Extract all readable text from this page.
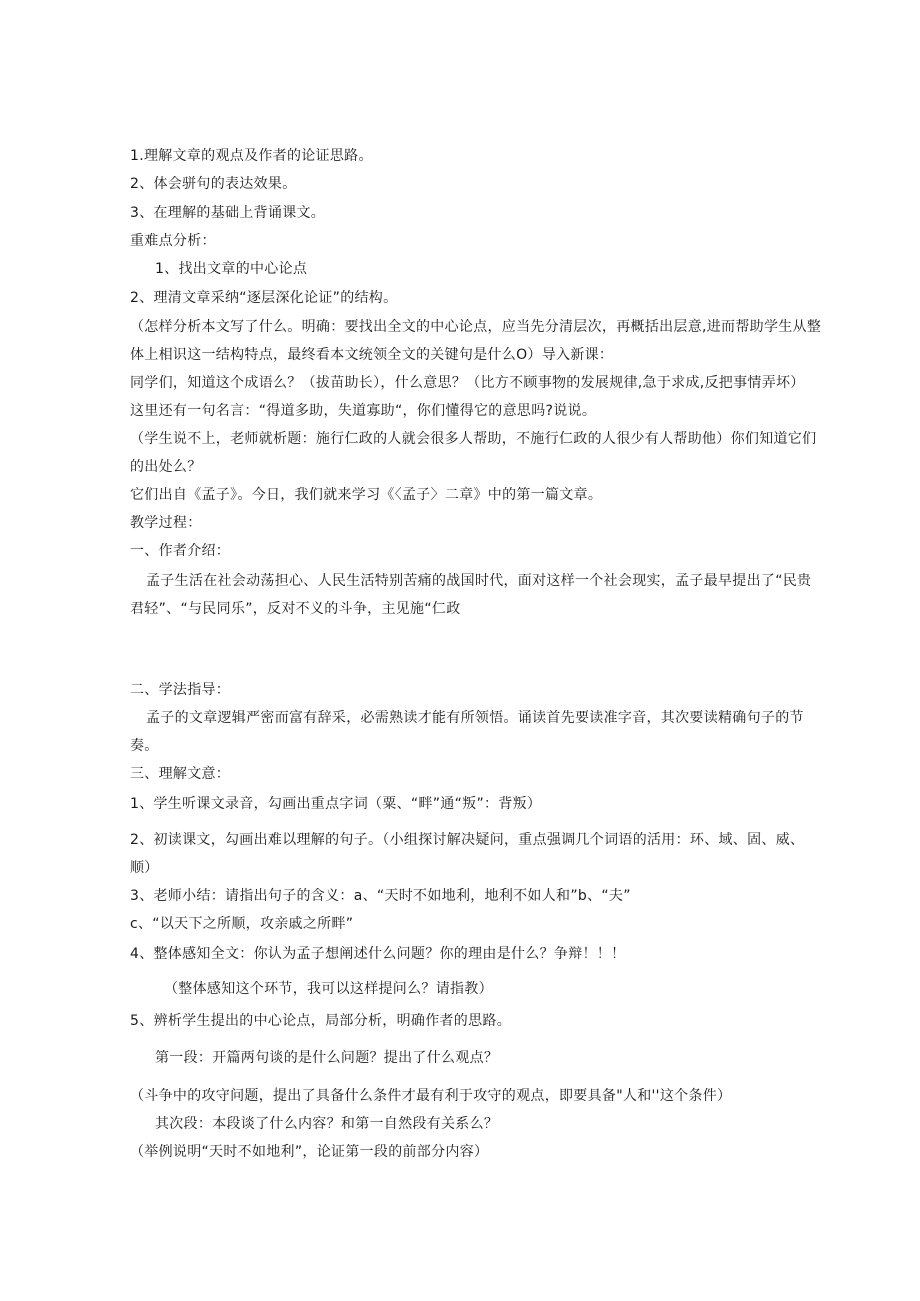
1.理解文章的观点及作者的论证思路。
2、体会骈句的表达效果。
3、在理解的基础上背诵课文。
重难点分析：
1、找出文章的中心论点
2、理清文章采纳“逐层深化论证”的结构。
（怎样分析本文写了什么。明确：要找出全文的中心论点，应当先分清层次，再概括出层意,进而帮助学生从整
体上相识这一结构特点，最终看本文统领全文的关键句是什么O）导入新课：
同学们，知道这个成语么？（拔苗助长），什么意思？（比方不顾事物的发展规律,急于求成,反把事情弄坏）
这里还有一句名言：“得道多助，失道寡助“，你们懂得它的意思吗?说说。
（学生说不上，老师就析题：施行仁政的人就会很多人帮助，不施行仁政的人很少有人帮助他）你们知道它们
的出处么？
它们出自《孟子》。今日，我们就来学习《〈孟子〉二章》中的第一篇文章。
教学过程：
一、作者介绍：
孟子生活在社会动荡担心、人民生活特别苦痛的战国时代，面对这样一个社会现实，孟子最早提出了“民贵
君轻”、“与民同乐”，反对不义的斗争，主见施“仁政
二、学法指导：
孟子的文章逻辑严密而富有辞采，必需熟读才能有所领悟。诵读首先要读准字音，其次要读精确句子的节
奏。
三、理解文意：
1、学生听课文录音，勾画出重点字词（粟、“畔”通“叛”：背叛）
2、初读课文，勾画出难以理解的句子。（小组探讨解决疑问，重点强调几个词语的活用：环、域、固、威、
顺）
3、老师小结：请指出句子的含义：a、“天时不如地利，地利不如人和”b、“夫”
c、“以天下之所顺，攻亲戚之所畔”
4、整体感知全文：你认为孟子想阐述什么问题？你的理由是什么？争辩！！！
（整体感知这个环节，我可以这样提问么？请指教）
5、辨析学生提出的中心论点，局部分析，明确作者的思路。
第一段：开篇两句谈的是什么问题？提出了什么观点？
（斗争中的攻守问题，提出了具备什么条件才最有利于攻守的观点，即要具备"人和''这个条件）
其次段：本段谈了什么内容？和第一自然段有关系么？
（举例说明“天时不如地利”，论证第一段的前部分内容）
